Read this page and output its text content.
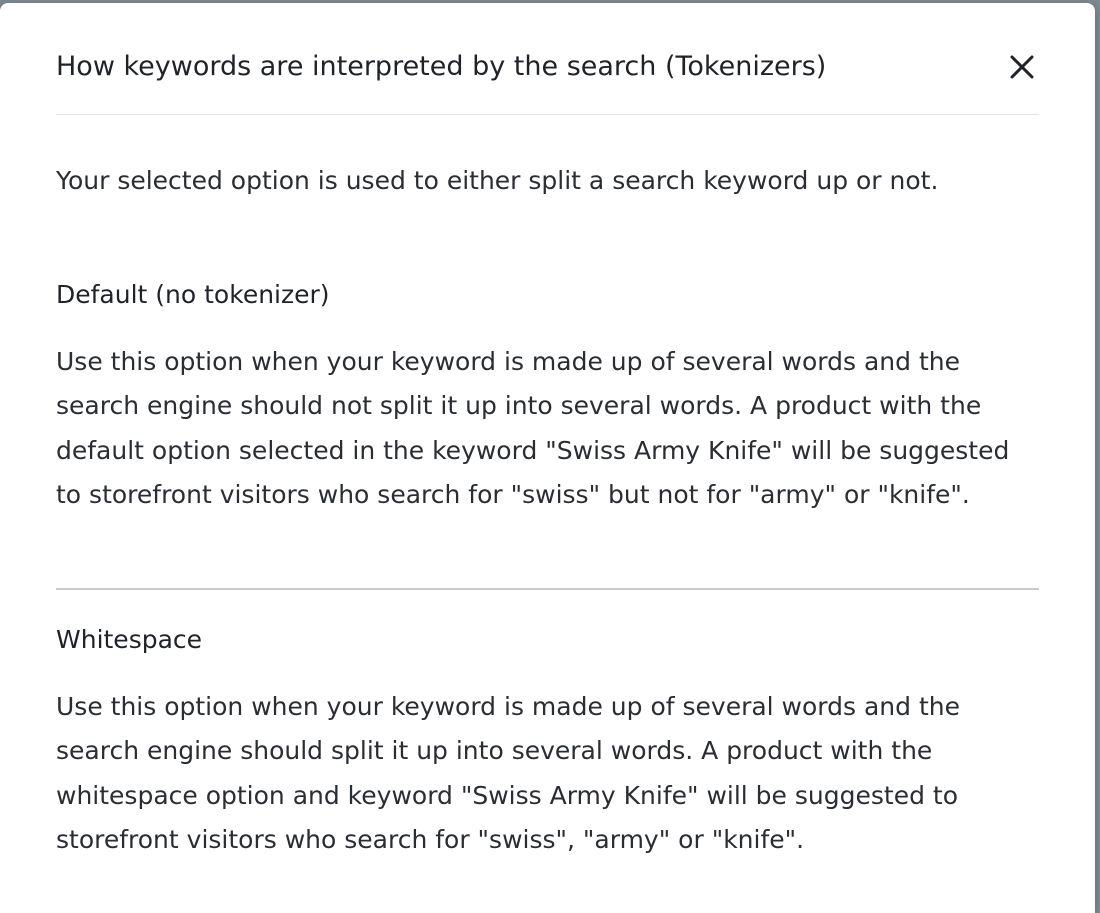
How keywords are interpreted by the search (Tokenizers)

Your selected option is used to either split a search keyword up or not.

Default (no tokenizer)

Use this option when your keyword is made up of several words and the search engine should not split it up into several words. A product with the default option selected in the keyword "Swiss Army Knife" will be suggested to storefront visitors who search for "swiss" but not for "army" or "knife".

Whitespace

Use this option when your keyword is made up of several words and the search engine should split it up into several words. A product with the whitespace option and keyword "Swiss Army Knife" will be suggested to storefront visitors who search for "swiss", "army" or "knife".
